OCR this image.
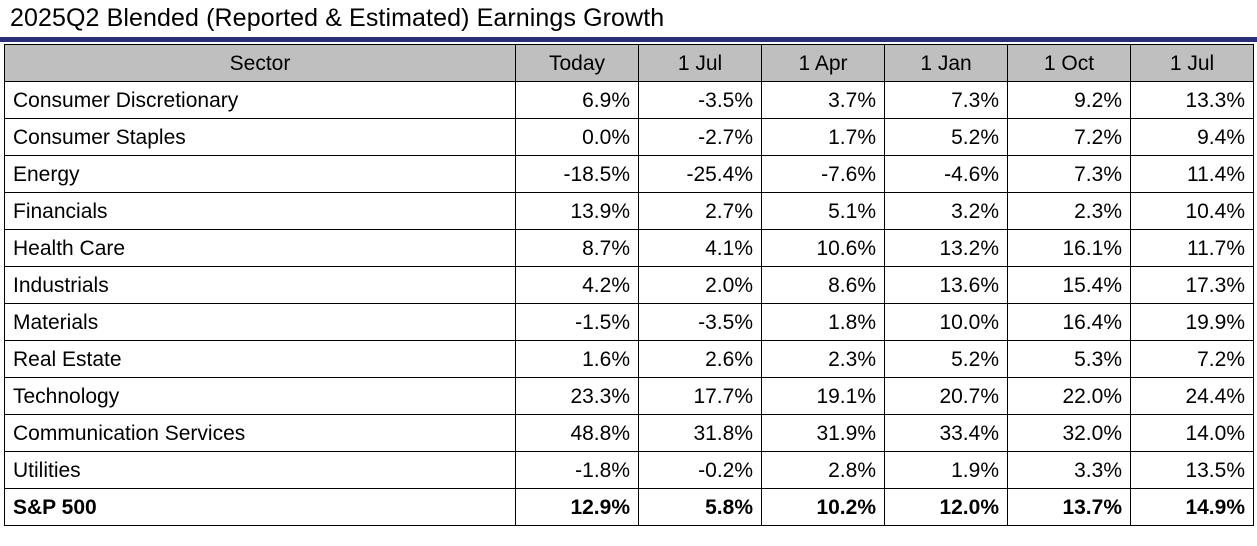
2025Q2 Blended (Reported & Estimated) Earnings Growth
Sector	Today	1 Jul	1 Apr	1 Jan	1 Oct	1 Jul
Consumer Discretionary	6.9%	-3.5%	3.7%	7.3%	9.2%	13.3%
Consumer Staples	0.0%	-2.7%	1.7%	5.2%	7.2%	9.4%
Energy	-18.5%	-25.4%	-7.6%	-4.6%	7.3%	11.4%
Financials	13.9%	2.7%	5.1%	3.2%	2.3%	10.4%
Health Care	8.7%	4.1%	10.6%	13.2%	16.1%	11.7%
Industrials	4.2%	2.0%	8.6%	13.6%	15.4%	17.3%
Materials	-1.5%	-3.5%	1.8%	10.0%	16.4%	19.9%
Real Estate	1.6%	2.6%	2.3%	5.2%	5.3%	7.2%
Technology	23.3%	17.7%	19.1%	20.7%	22.0%	24.4%
Communication Services	48.8%	31.8%	31.9%	33.4%	32.0%	14.0%
Utilities	-1.8%	-0.2%	2.8%	1.9%	3.3%	13.5%
S&P 500	12.9%	5.8%	10.2%	12.0%	13.7%	14.9%
